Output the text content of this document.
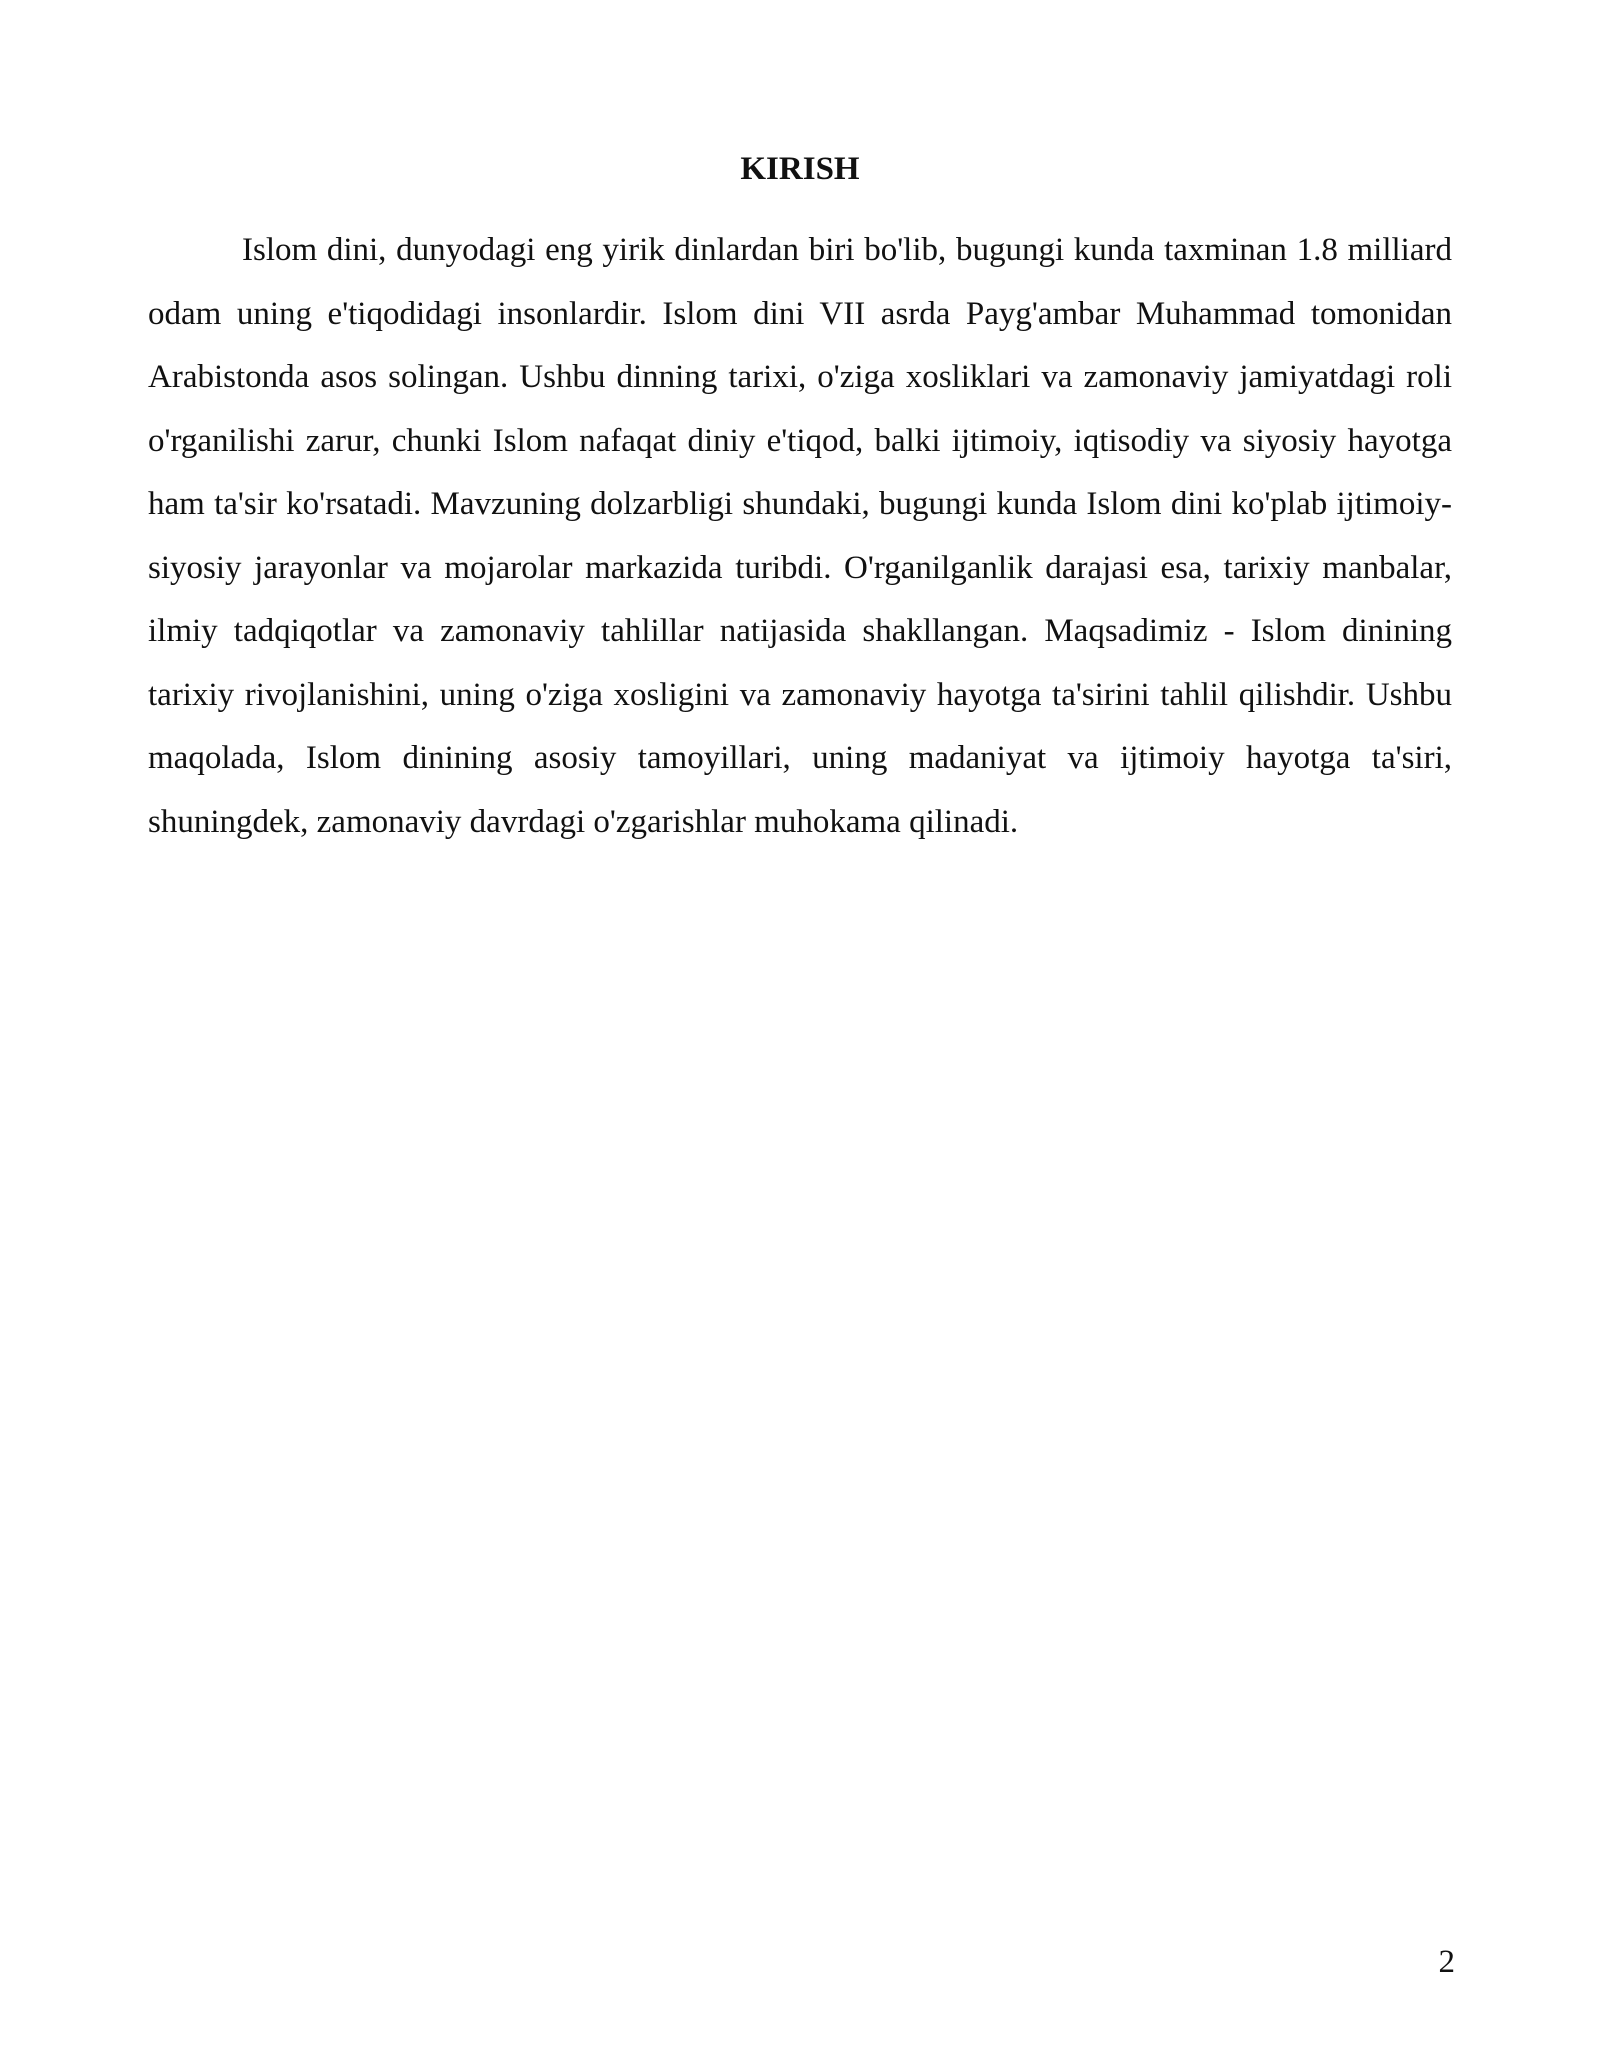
KIRISH

Islom dini, dunyodagi eng yirik dinlardan biri bo'lib, bugungi kunda taxminan 1.8 milliard odam uning e'tiqodidagi insonlardir. Islom dini VII asrda Payg'ambar Muhammad tomonidan Arabistonda asos solingan. Ushbu dinning tarixi, o'ziga xosliklari va zamonaviy jamiyatdagi roli o'rganilishi zarur, chunki Islom nafaqat diniy e'tiqod, balki ijtimoiy, iqtisodiy va siyosiy hayotga ham ta'sir ko'rsatadi. Mavzuning dolzarbligi shundaki, bugungi kunda Islom dini ko'plab ijtimoiy-siyosiy jarayonlar va mojarolar markazida turibdi. O'rganilganlik darajasi esa, tarixiy manbalar, ilmiy tadqiqotlar va zamonaviy tahlillar natijasida shakllangan. Maqsadimiz - Islom dinining tarixiy rivojlanishini, uning o'ziga xosligini va zamonaviy hayotga ta'sirini tahlil qilishdir. Ushbu maqolada, Islom dinining asosiy tamoyillari, uning madaniyat va ijtimoiy hayotga ta'siri, shuningdek, zamonaviy davrdagi o'zgarishlar muhokama qilinadi.

2
